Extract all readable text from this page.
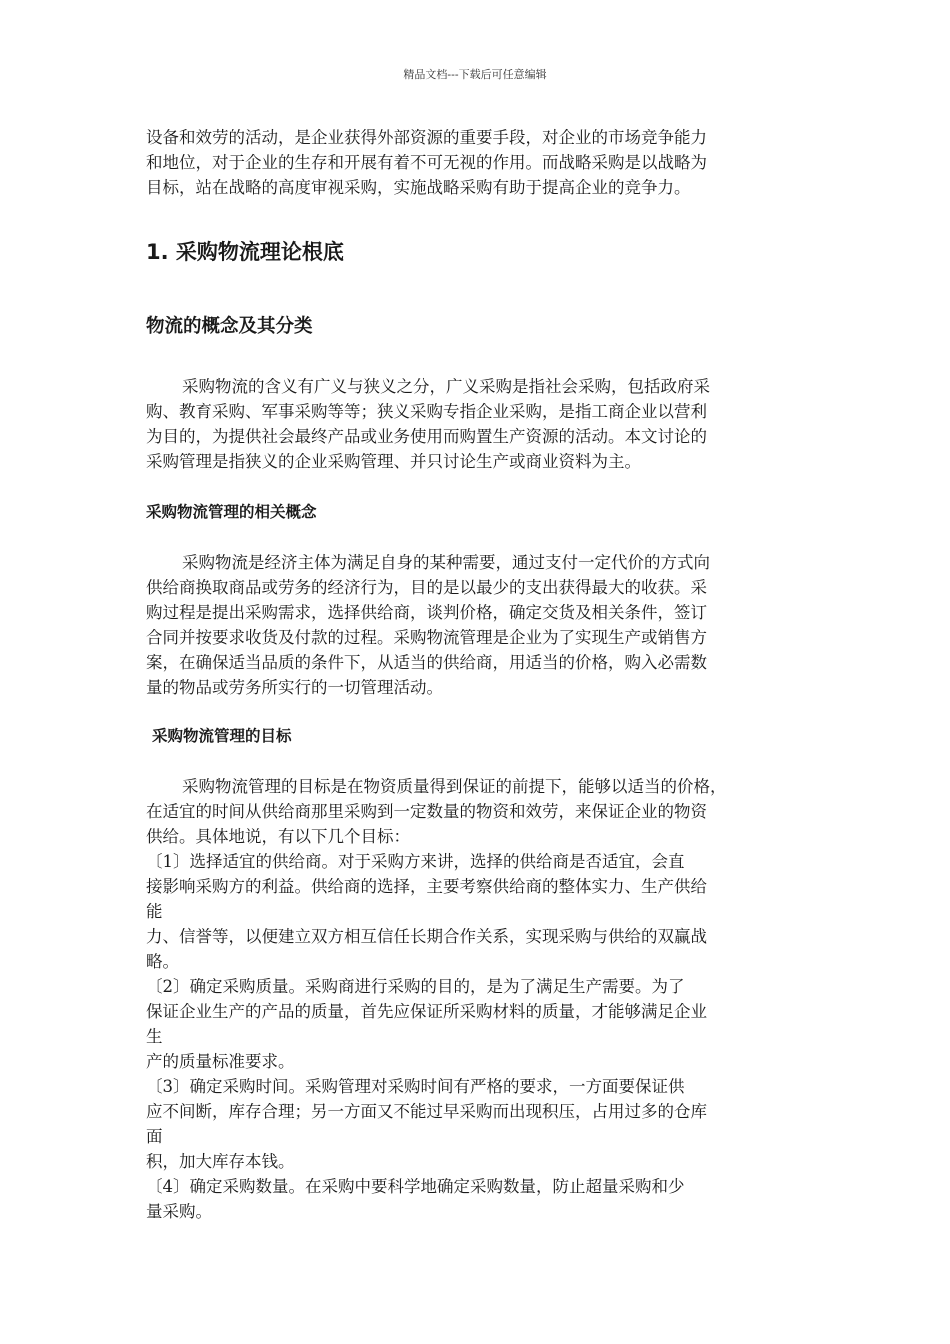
精品文档---下载后可任意编辑

设备和效劳的活动，是企业获得外部资源的重要手段，对企业的市场竞争能力

和地位，对于企业的生存和开展有着不可无视的作用。而战略采购是以战略为

目标，站在战略的高度审视采购，实施战略采购有助于提高企业的竞争力。

1. 采购物流理论根底
物流的概念及其分类

采购物流的含义有广义与狭义之分，广义采购是指社会采购，包括政府采

购、教育采购、军事采购等等；狭义采购专指企业采购，是指工商企业以营利

为目的，为提供社会最终产品或业务使用而购置生产资源的活动。本文讨论的

采购管理是指狭义的企业采购管理、并只讨论生产或商业资料为主。

采购物流管理的相关概念

采购物流是经济主体为满足自身的某种需要，通过支付一定代价的方式向

供给商换取商品或劳务的经济行为，目的是以最少的支出获得最大的收获。采

购过程是提出采购需求，选择供给商，谈判价格，确定交货及相关条件，签订

合同并按要求收货及付款的过程。采购物流管理是企业为了实现生产或销售方

案，在确保适当品质的条件下，从适当的供给商，用适当的价格，购入必需数

量的物品或劳务所实行的一切管理活动。

采购物流管理的目标

采购物流管理的目标是在物资质量得到保证的前提下，能够以适当的价格，

在适宜的时间从供给商那里采购到一定数量的物资和效劳，来保证企业的物资

供给。具体地说，有以下几个目标：

〔1〕选择适宜的供给商。对于采购方来讲，选择的供给商是否适宜，会直

接影响采购方的利益。供给商的选择，主要考察供给商的整体实力、生产供给

能

力、信誉等，以便建立双方相互信任长期合作关系，实现采购与供给的双赢战

略。

〔2〕确定采购质量。采购商进行采购的目的，是为了满足生产需要。为了

保证企业生产的产品的质量，首先应保证所采购材料的质量，才能够满足企业

生

产的质量标准要求。

〔3〕确定采购时间。采购管理对采购时间有严格的要求，一方面要保证供

应不间断，库存合理；另一方面又不能过早采购而出现积压，占用过多的仓库

面

积，加大库存本钱。

〔4〕确定采购数量。在采购中要科学地确定采购数量，防止超量采购和少

量采购。
